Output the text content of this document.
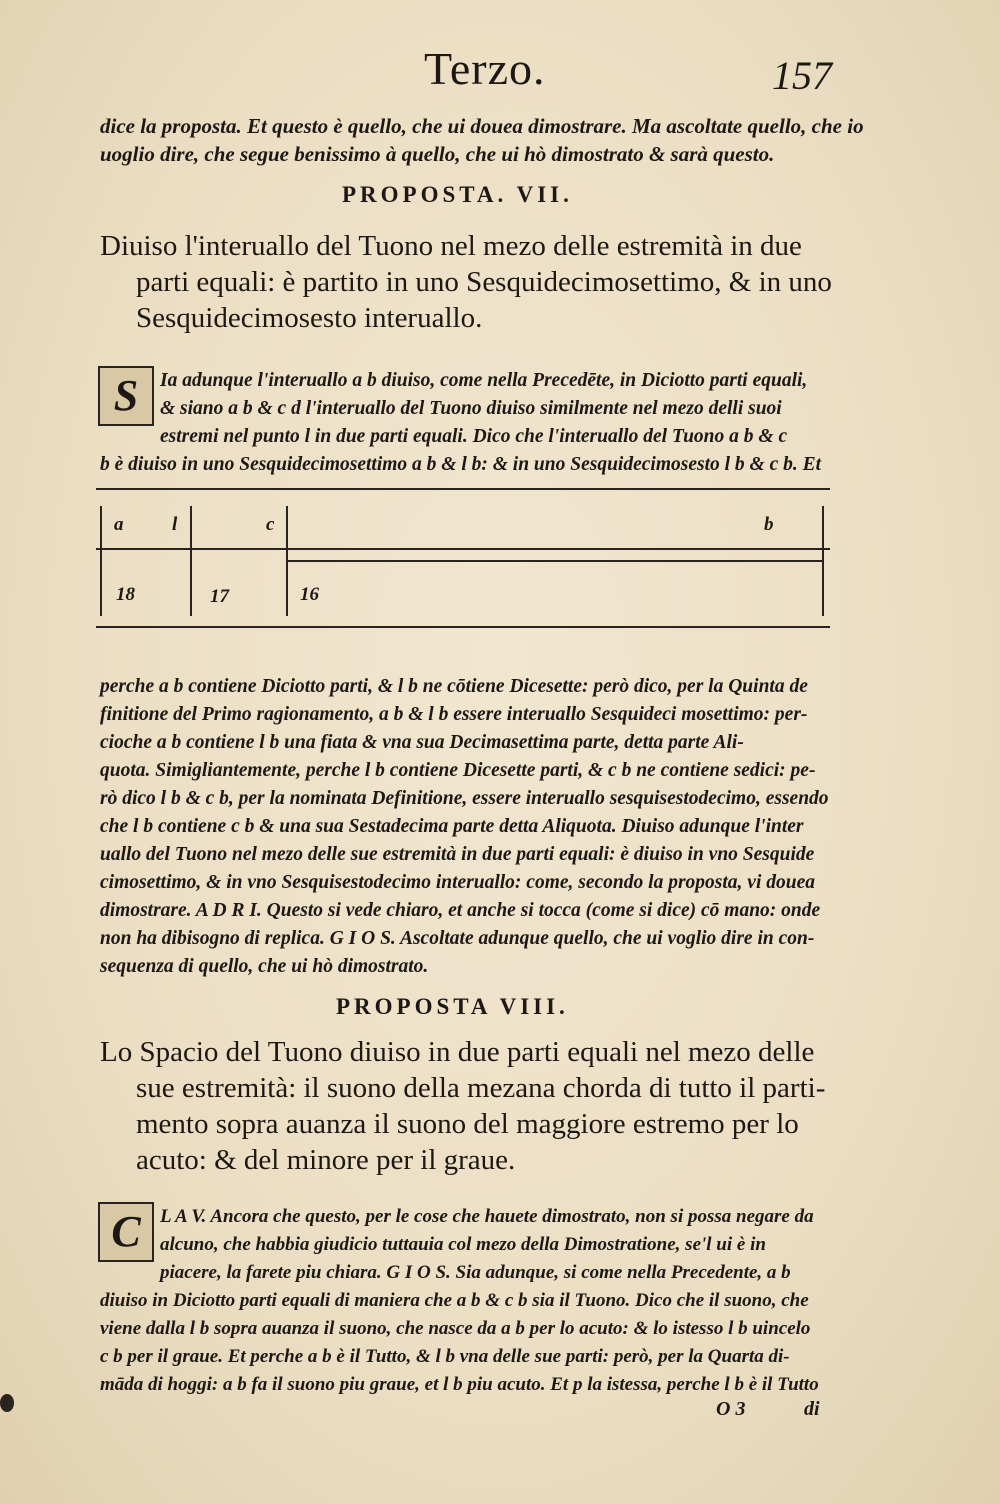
Terzo.	157
dice la proposta. Et questo è quello, che ui douea dimostrare. Ma ascoltate quello, che io
uoglio dire, che segue benissimo à quello, che ui hò dimostrato & sarà questo.
PROPOSTA. VII.
Diuiso l'interuallo del Tuono nel mezo delle estremità in due
parti equali: è partito in uno Sesquidecimosettimo, & in uno
Sesquidecimosesto interuallo.
S	Ia adunque l'interuallo a b diuiso, come nella Precedēte, in Diciotto parti equali,
& siano a b & c d l'interuallo del Tuono diuiso similmente nel mezo delli suoi
estremi nel punto l in due parti equali. Dico che l'interuallo del Tuono a b & c
b è diuiso in uno Sesquidecimosettimo a b & l b: & in uno Sesquidecimosesto l b & c b. Et
a	l	c	b
18	17	16
perche a b contiene Diciotto parti, & l b ne cōtiene Dicesette: però dico, per la Quinta de
finitione del Primo ragionamento, a b & l b essere interuallo Sesquideci mosettimo: per-
cioche a b contiene l b una fiata & vna sua Decimasettima parte, detta parte Ali-
quota. Simigliantemente, perche l b contiene Dicesette parti, & c b ne contiene sedici: pe-
rò dico l b & c b, per la nominata Definitione, essere interuallo sesquisestodecimo, essendo
che l b contiene c b & una sua Sestadecima parte detta Aliquota. Diuiso adunque l'inter
uallo del Tuono nel mezo delle sue estremità in due parti equali: è diuiso in vno Sesquide
cimosettimo, & in vno Sesquisestodecimo interuallo: come, secondo la proposta, vi douea
dimostrare. A D R I. Questo si vede chiaro, et anche si tocca (come si dice) cō mano: onde
non ha dibisogno di replica. G I O S. Ascoltate adunque quello, che ui voglio dire in con-
sequenza di quello, che ui hò dimostrato.
PROPOSTA VIII.
Lo Spacio del Tuono diuiso in due parti equali nel mezo delle
sue estremità: il suono della mezana chorda di tutto il parti-
mento sopra auanza il suono del maggiore estremo per lo
acuto: & del minore per il graue.
C	L A V. Ancora che questo, per le cose che hauete dimostrato, non si possa negare da
alcuno, che habbia giudicio tuttauia col mezo della Dimostratione, se'l ui è in
piacere, la farete piu chiara. G I O S. Sia adunque, si come nella Precedente, a b
diuiso in Diciotto parti equali di maniera che a b & c b sia il Tuono. Dico che il suono, che
viene dalla l b sopra auanza il suono, che nasce da a b per lo acuto: & lo istesso l b uincelo
c b per il graue. Et perche a b è il Tutto, & l b vna delle sue parti: però, per la Quarta di-
māda di hoggi: a b fa il suono piu graue, et l b piu acuto. Et p la istessa, perche l b è il Tutto
O 3	di
